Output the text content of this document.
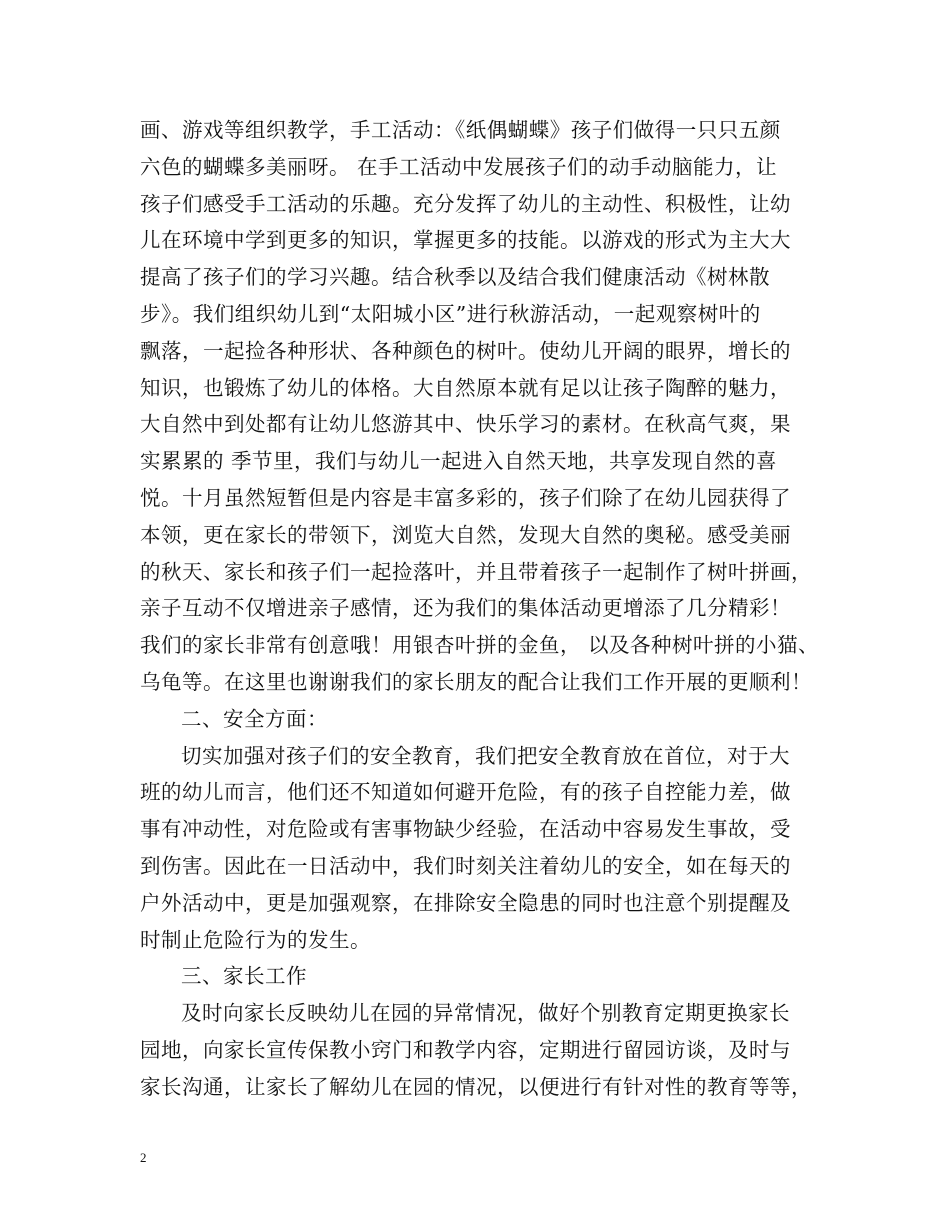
画、游戏等组织教学，手工活动：《纸偶蝴蝶》孩子们做得一只只五颜
六色的蝴蝶多美丽呀。 在手工活动中发展孩子们的动手动脑能力，让
孩子们感受手工活动的乐趣。充分发挥了幼儿的主动性、积极性，让幼
儿在环境中学到更多的知识，掌握更多的技能。以游戏的形式为主大大
提高了孩子们的学习兴趣。结合秋季以及结合我们健康活动《树林散
步》。我们组织幼儿到“太阳城小区”进行秋游活动，一起观察树叶的
飘落，一起捡各种形状、各种颜色的树叶。使幼儿开阔的眼界，增长的
知识，也锻炼了幼儿的体格。大自然原本就有足以让孩子陶醉的魅力，
大自然中到处都有让幼儿悠游其中、快乐学习的素材。在秋高气爽，果
实累累的 季节里，我们与幼儿一起进入自然天地，共享发现自然的喜
悦。十月虽然短暂但是内容是丰富多彩的，孩子们除了在幼儿园获得了
本领，更在家长的带领下，浏览大自然，发现大自然的奥秘。感受美丽
的秋天、家长和孩子们一起捡落叶，并且带着孩子一起制作了树叶拼画，
亲子互动不仅增进亲子感情，还为我们的集体活动更增添了几分精彩！
我们的家长非常有创意哦！用银杏叶拼的金鱼， 以及各种树叶拼的小猫、
乌龟等。在这里也谢谢我们的家长朋友的配合让我们工作开展的更顺利！
二、安全方面：
切实加强对孩子们的安全教育，我们把安全教育放在首位，对于大
班的幼儿而言，他们还不知道如何避开危险，有的孩子自控能力差，做
事有冲动性，对危险或有害事物缺少经验，在活动中容易发生事故，受
到伤害。因此在一日活动中，我们时刻关注着幼儿的安全，如在每天的
户外活动中，更是加强观察，在排除安全隐患的同时也注意个别提醒及
时制止危险行为的发生。
三、家长工作
及时向家长反映幼儿在园的异常情况，做好个别教育定期更换家长
园地，向家长宣传保教小窍门和教学内容，定期进行留园访谈，及时与
家长沟通，让家长了解幼儿在园的情况，以便进行有针对性的教育等等，
2
